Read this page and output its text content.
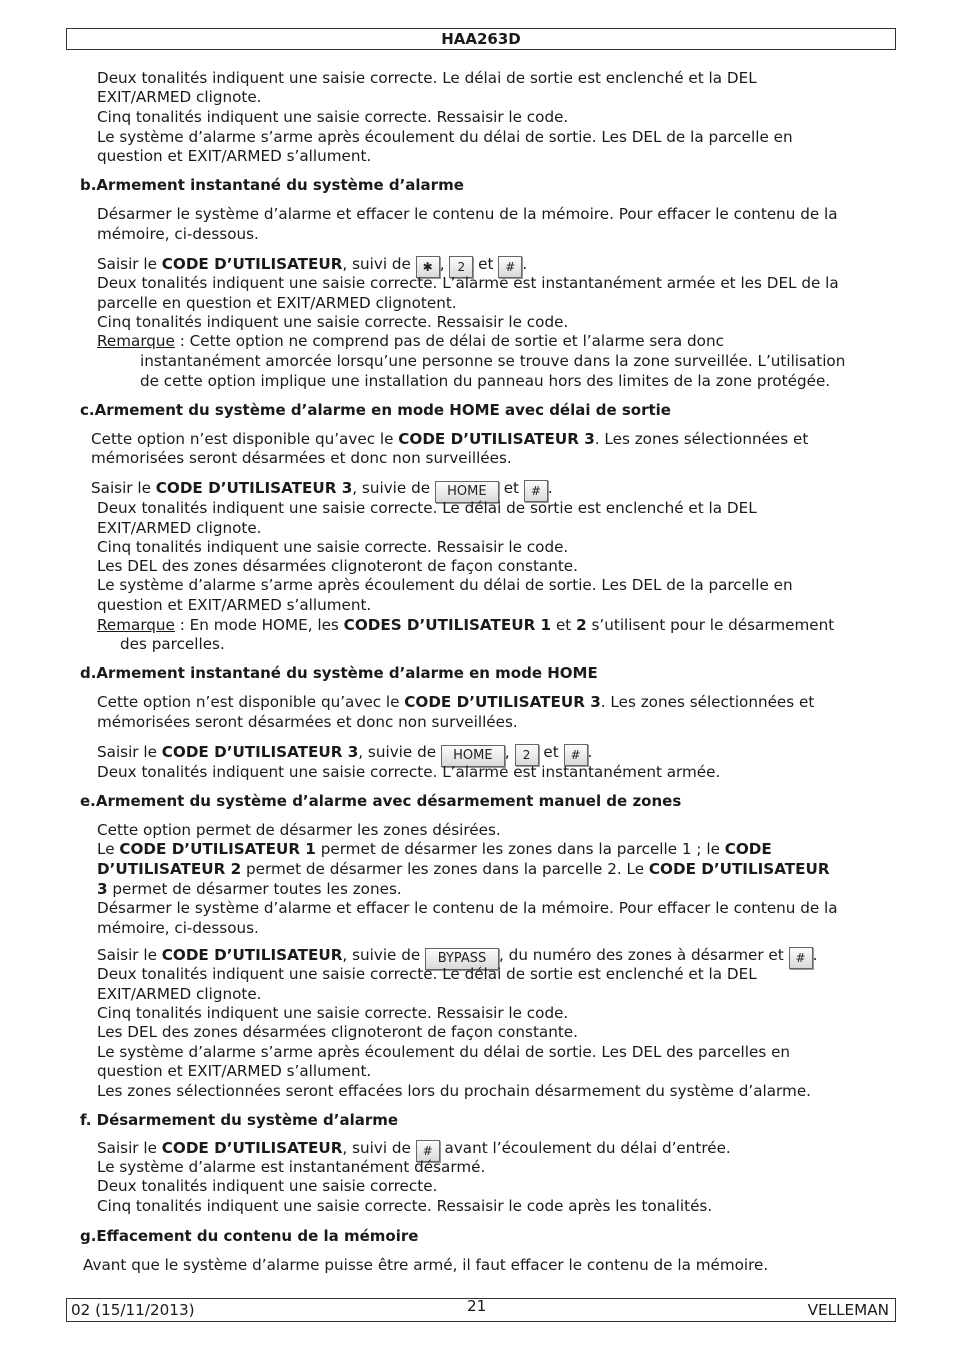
HAA263D
Deux tonalités indiquent une saisie correcte. Le délai de sortie est enclenché et la DEL
EXIT/ARMED clignote.
Cinq tonalités indiquent une saisie correcte. Ressaisir le code.
Le système d’alarme s’arme après écoulement du délai de sortie. Les DEL de la parcelle en
question et EXIT/ARMED s’allument.
b.Armement instantané du système d’alarme
Désarmer le système d’alarme et effacer le contenu de la mémoire. Pour effacer le contenu de la
mémoire, ci-dessous.
Saisir le CODE D’UTILISATEUR, suivi de ✱ , 2 et # .
Deux tonalités indiquent une saisie correcte. L’alarme est instantanément armée et les DEL de la
parcelle en question et EXIT/ARMED clignotent.
Cinq tonalités indiquent une saisie correcte. Ressaisir le code.
Remarque : Cette option ne comprend pas de délai de sortie et l’alarme sera donc
instantanément amorcée lorsqu’une personne se trouve dans la zone surveillée. L’utilisation
de cette option implique une installation du panneau hors des limites de la zone protégée.
c.Armement du système d’alarme en mode HOME avec délai de sortie
Cette option n’est disponible qu’avec le CODE D’UTILISATEUR 3. Les zones sélectionnées et
mémorisées seront désarmées et donc non surveillées.
Saisir le CODE D’UTILISATEUR 3, suivie de HOME et # .
Deux tonalités indiquent une saisie correcte. Le délai de sortie est enclenché et la DEL
EXIT/ARMED clignote.
Cinq tonalités indiquent une saisie correcte. Ressaisir le code.
Les DEL des zones désarmées clignoteront de façon constante.
Le système d’alarme s’arme après écoulement du délai de sortie. Les DEL de la parcelle en
question et EXIT/ARMED s’allument.
Remarque : En mode HOME, les CODES D’UTILISATEUR 1 et 2 s’utilisent pour le désarmement
des parcelles.
d.Armement instantané du système d’alarme en mode HOME
Cette option n’est disponible qu’avec le CODE D’UTILISATEUR 3. Les zones sélectionnées et
mémorisées seront désarmées et donc non surveillées.
Saisir le CODE D’UTILISATEUR 3, suivie de HOME , 2 et # .
Deux tonalités indiquent une saisie correcte. L’alarme est instantanément armée.
e.Armement du système d’alarme avec désarmement manuel de zones
Cette option permet de désarmer les zones désirées.
Le CODE D’UTILISATEUR 1 permet de désarmer les zones dans la parcelle 1 ; le CODE
D’UTILISATEUR 2 permet de désarmer les zones dans la parcelle 2. Le CODE D’UTILISATEUR
3 permet de désarmer toutes les zones.
Désarmer le système d’alarme et effacer le contenu de la mémoire. Pour effacer le contenu de la
mémoire, ci-dessous.
Saisir le CODE D’UTILISATEUR, suivie de BYPASS , du numéro des zones à désarmer et # .
Deux tonalités indiquent une saisie correcte. Le délai de sortie est enclenché et la DEL
EXIT/ARMED clignote.
Cinq tonalités indiquent une saisie correcte. Ressaisir le code.
Les DEL des zones désarmées clignoteront de façon constante.
Le système d’alarme s’arme après écoulement du délai de sortie. Les DEL des parcelles en
question et EXIT/ARMED s’allument.
Les zones sélectionnées seront effacées lors du prochain désarmement du système d’alarme.
f. Désarmement du système d’alarme
Saisir le CODE D’UTILISATEUR, suivi de # avant l’écoulement du délai d’entrée.
Le système d’alarme est instantanément désarmé.
Deux tonalités indiquent une saisie correcte.
Cinq tonalités indiquent une saisie correcte. Ressaisir le code après les tonalités.
g.Effacement du contenu de la mémoire
Avant que le système d’alarme puisse être armé, il faut effacer le contenu de la mémoire.
02 (15/11/2013)	21	VELLEMAN
